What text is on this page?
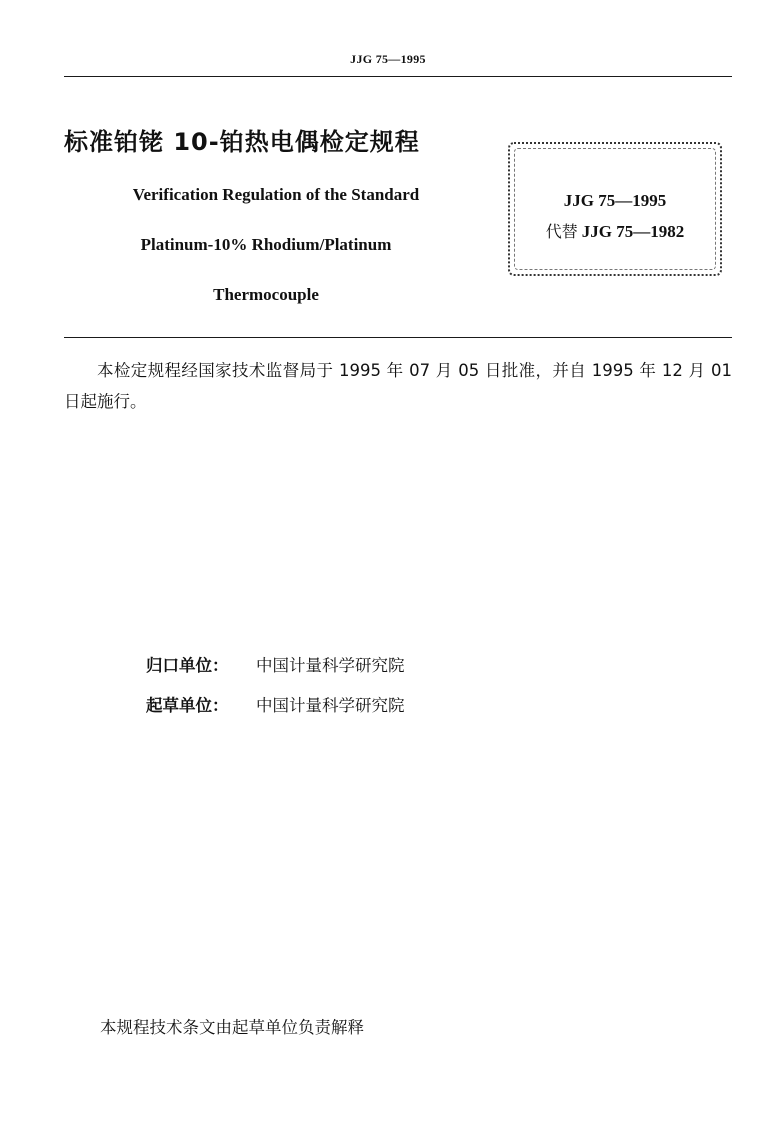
JJG 75—1995
标准铂铑 10-铂热电偶检定规程
Verification Regulation of the Standard
Platinum-10% Rhodium/Platinum
Thermocouple
JJG 75—1995
代替 JJG 75—1982
本检定规程经国家技术监督局于 1995 年 07 月 05 日批准，并自 1995 年 12 月 01 日起施行。
归口单位： 中国计量科学研究院
起草单位： 中国计量科学研究院
本规程技术条文由起草单位负责解释
